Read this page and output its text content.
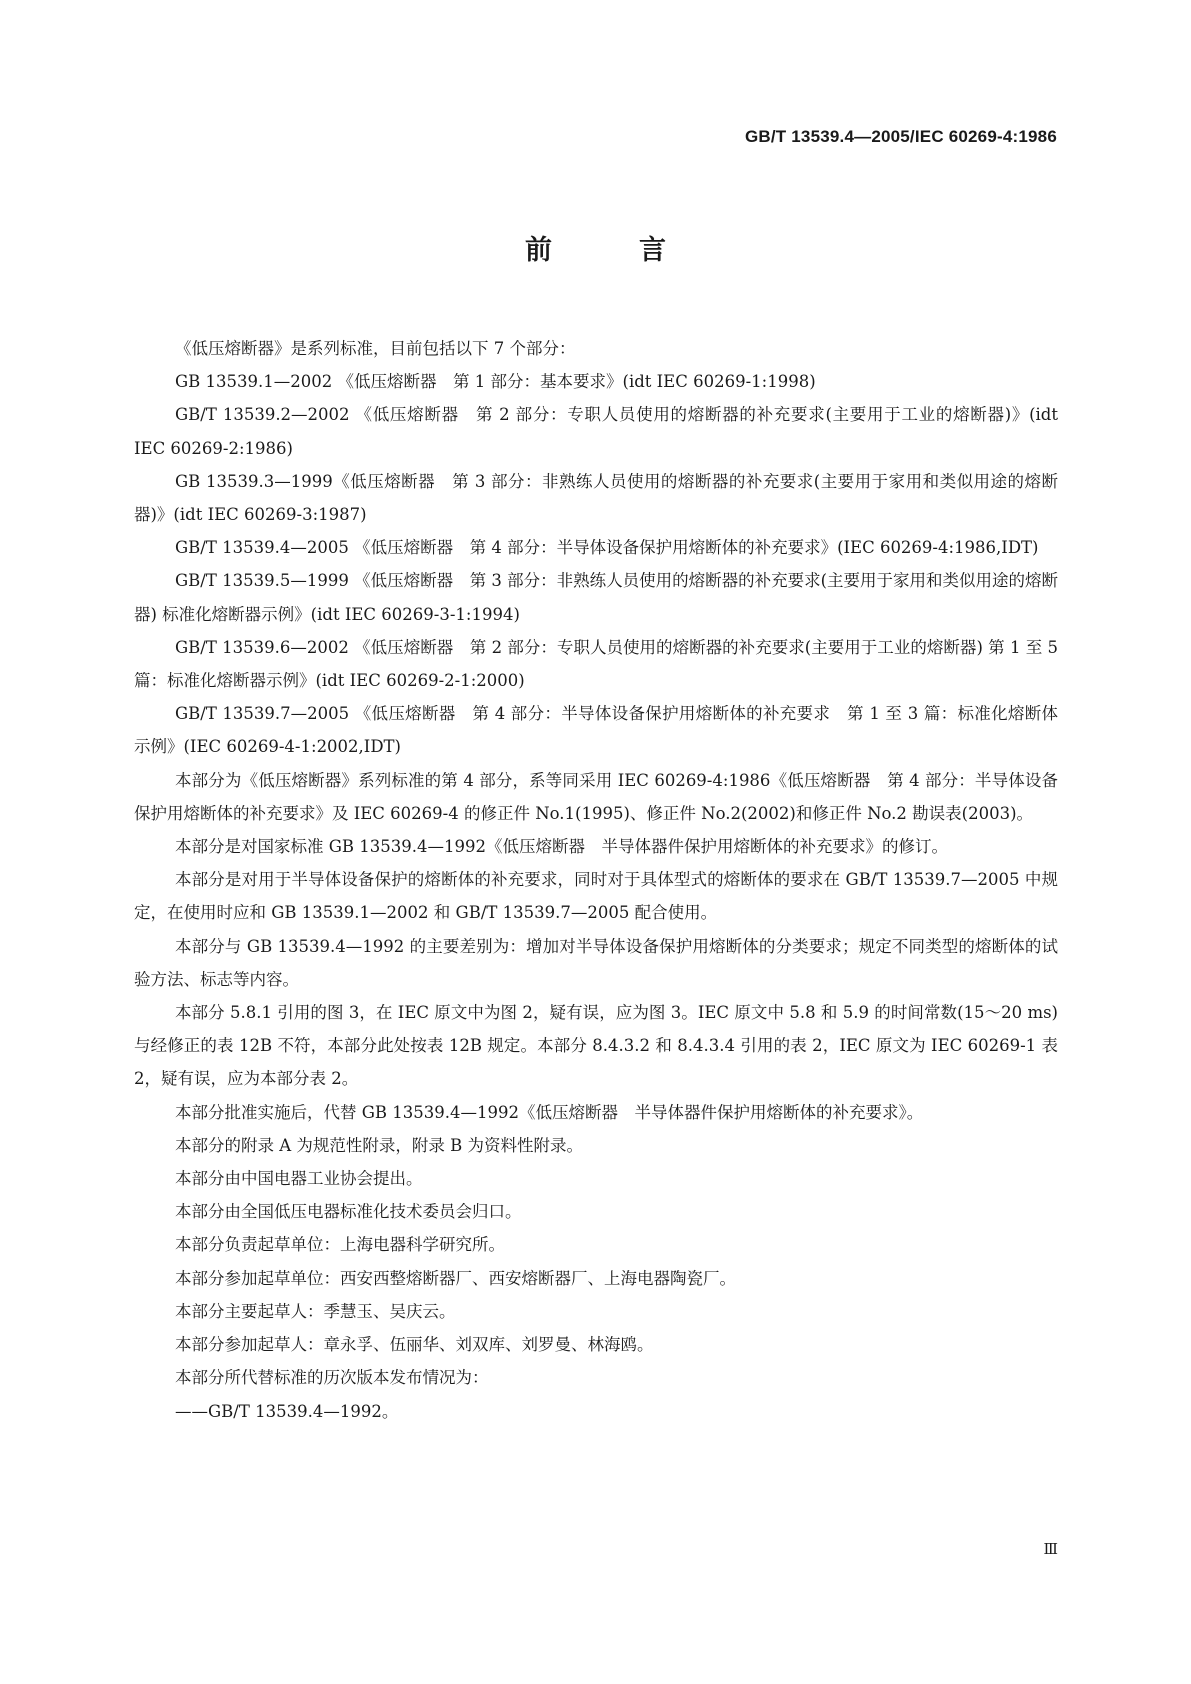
GB/T 13539.4—2005/IEC 60269-4:1986
前　言

《低压熔断器》是系列标准，目前包括以下 7 个部分：

GB 13539.1—2002 《低压熔断器　第 1 部分：基本要求》(idt IEC 60269-1:1998)

GB/T 13539.2—2002 《低压熔断器　第 2 部分：专职人员使用的熔断器的补充要求(主要用于工业的熔断器)》(idt IEC 60269-2:1986)

GB 13539.3—1999《低压熔断器　第 3 部分：非熟练人员使用的熔断器的补充要求(主要用于家用和类似用途的熔断器)》(idt IEC 60269-3:1987)

GB/T 13539.4—2005 《低压熔断器　第 4 部分：半导体设备保护用熔断体的补充要求》(IEC 60269-4:1986,IDT)

GB/T 13539.5—1999 《低压熔断器　第 3 部分：非熟练人员使用的熔断器的补充要求(主要用于家用和类似用途的熔断器) 标准化熔断器示例》(idt IEC 60269-3-1:1994)

GB/T 13539.6—2002 《低压熔断器　第 2 部分：专职人员使用的熔断器的补充要求(主要用于工业的熔断器) 第 1 至 5 篇：标准化熔断器示例》(idt IEC 60269-2-1:2000)

GB/T 13539.7—2005 《低压熔断器　第 4 部分：半导体设备保护用熔断体的补充要求　第 1 至 3 篇：标准化熔断体示例》(IEC 60269-4-1:2002,IDT)

本部分为《低压熔断器》系列标准的第 4 部分，系等同采用 IEC 60269-4:1986《低压熔断器　第 4 部分：半导体设备保护用熔断体的补充要求》及 IEC 60269-4 的修正件 No.1(1995)、修正件 No.2(2002)和修正件 No.2 勘误表(2003)。

本部分是对国家标准 GB 13539.4—1992《低压熔断器　半导体器件保护用熔断体的补充要求》的修订。

本部分是对用于半导体设备保护的熔断体的补充要求，同时对于具体型式的熔断体的要求在 GB/T 13539.7—2005 中规定，在使用时应和 GB 13539.1—2002 和 GB/T 13539.7—2005 配合使用。

本部分与 GB 13539.4—1992 的主要差别为：增加对半导体设备保护用熔断体的分类要求；规定不同类型的熔断体的试验方法、标志等内容。

本部分 5.8.1 引用的图 3，在 IEC 原文中为图 2，疑有误，应为图 3。IEC 原文中 5.8 和 5.9 的时间常数(15～20 ms)与经修正的表 12B 不符，本部分此处按表 12B 规定。本部分 8.4.3.2 和 8.4.3.4 引用的表 2，IEC 原文为 IEC 60269-1 表 2，疑有误，应为本部分表 2。

本部分批准实施后，代替 GB 13539.4—1992《低压熔断器　半导体器件保护用熔断体的补充要求》。

本部分的附录 A 为规范性附录，附录 B 为资料性附录。

本部分由中国电器工业协会提出。

本部分由全国低压电器标准化技术委员会归口。

本部分负责起草单位：上海电器科学研究所。

本部分参加起草单位：西安西整熔断器厂、西安熔断器厂、上海电器陶瓷厂。

本部分主要起草人：季慧玉、吴庆云。

本部分参加起草人：章永孚、伍丽华、刘双库、刘罗曼、林海鸥。

本部分所代替标准的历次版本发布情况为：

——GB/T 13539.4—1992。

Ⅲ
